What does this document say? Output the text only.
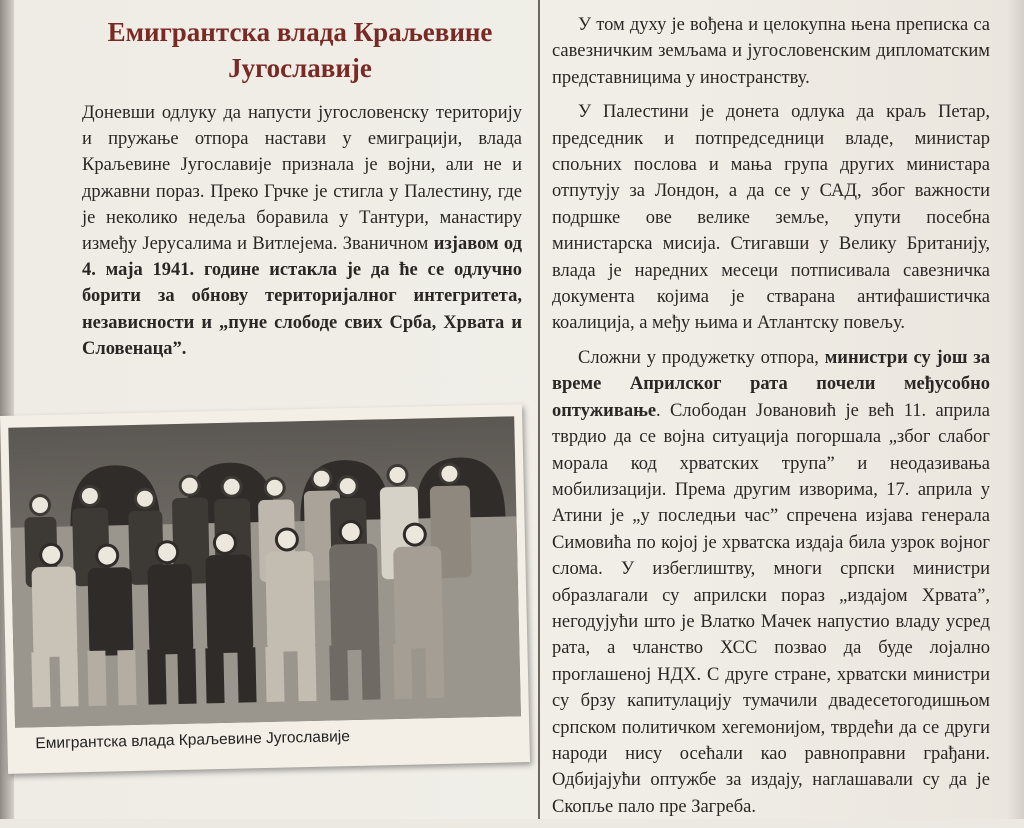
Емигрантска влада Краљевине Југославије

Доневши одлуку да напусти југословенску територију и пружање отпора настави у емиграцији, влада Краљевине Југославије признала је војни, али не и државни пораз. Преко Грчке је стигла у Палестину, где је неколико недеља боравила у Тантури, манастиру између Јерусалима и Витлејема. Званичном изјавом од 4. маја 1941. године истакла је да ће се одлучно борити за обнову територијалног интегритета, независности и „пуне слободе свих Срба, Хрвата и Словенаца”.

Емигрантска влада Краљевине Југославије

У том духу је вођена и целокупна њена преписка са савезничким земљама и југословенским дипломатским представницима у иностранству.

У Палестини је донета одлука да краљ Петар, председник и потпредседници владе, министар спољних послова и мања група других министара отпутују за Лондон, а да се у САД, због важности подршке ове велике земље, упути посебна министарска мисија. Стигавши у Велику Британију, влада је наредних месеци потписивала савезничка документа којима је стварана антифашистичка коалиција, а међу њима и Атлантску повељу.

Сложни у продужетку отпора, министри су још за време Априлског рата почели међусобно оптуживање. Слободан Јовановић је већ 11. априла тврдио да се војна ситуација погоршала „због слабог морала код хрватских трупа” и неодазивања мобилизацији. Према другим изворима, 17. априла у Атини је „у последњи час” спречена изјава генерала Симовића по којој је хрватска издаја била узрок војног слома. У избеглиштву, многи српски министри образлагали су априлски пораз „издајом Хрвата”, негодујући што је Влатко Мачек напустио владу усред рата, а чланство ХСС позвао да буде лојално проглашеној НДХ. С друге стране, хрватски министри су брзу капитулацију тумачили двадесетогодишњом српском политичком хегемонијом, тврдећи да се други народи нису осећали као равноправни грађани. Одбијајући оптужбе за издају, наглашавали су да је Скопље пало пре Загреба.
